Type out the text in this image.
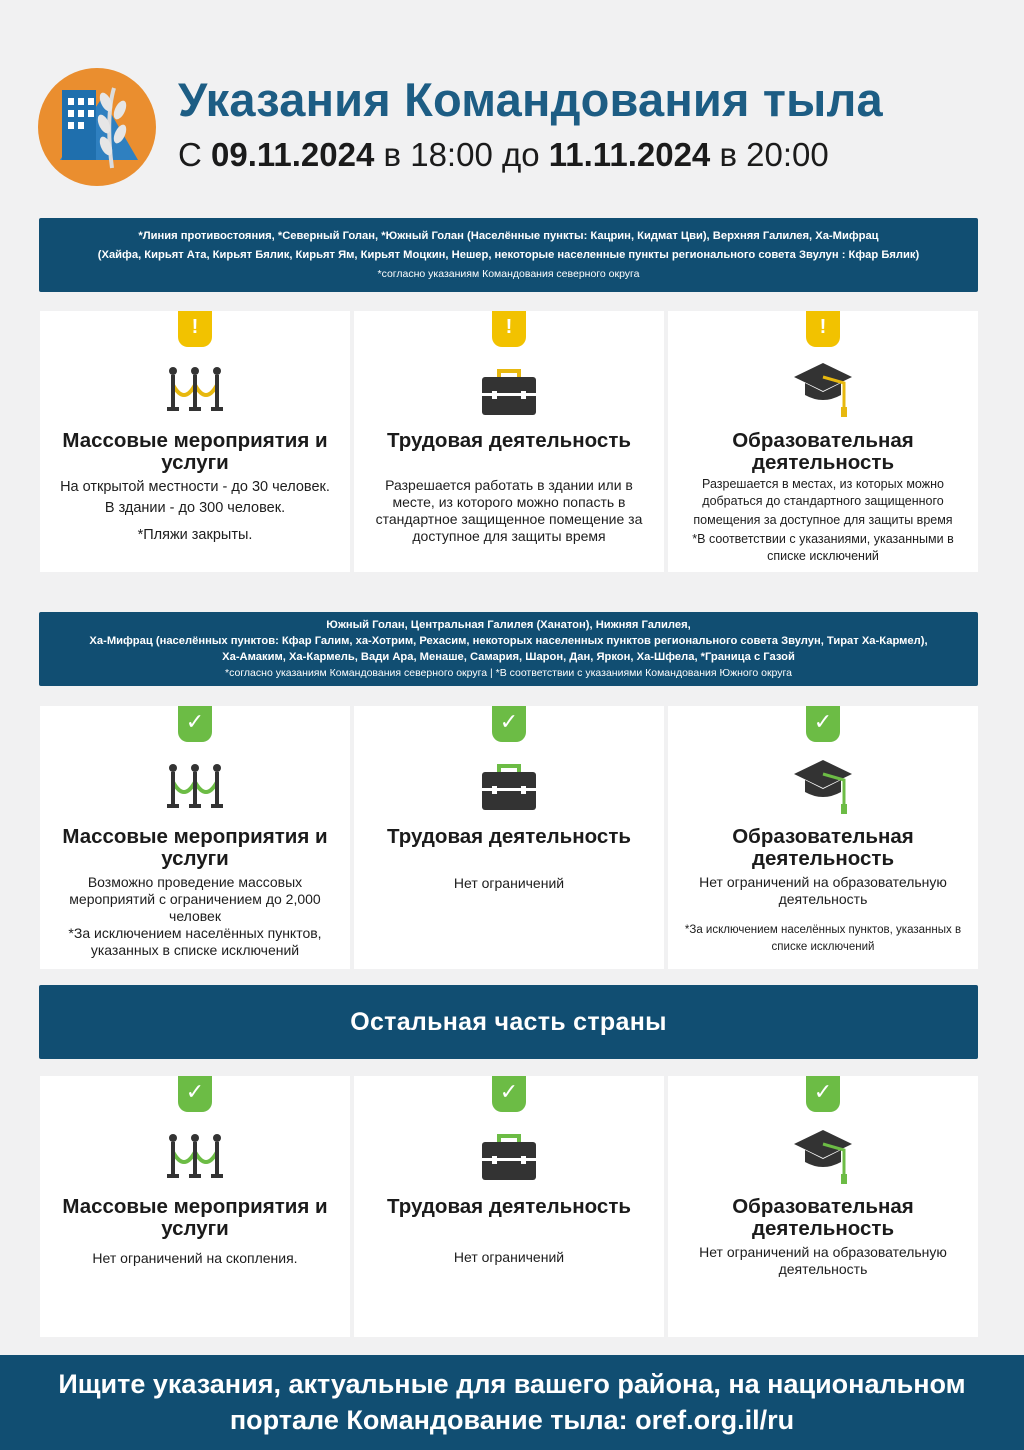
Указания Командования тыла
С 09.11.2024 в 18:00 до 11.11.2024 в 20:00
*Линия противостояния, *Северный Голан, *Южный Голан (Населённые пункты: Кацрин, Кидмат Цви), Верхняя Галилея, Ха-Мифрац
(Хайфа, Кирьят Ата, Кирьят Бялик, Кирьят Ям, Кирьят Моцкин, Нешер, некоторые населенные пункты регионального совета Звулун : Кфар Бялик)
*согласно указаниям Командования северного округа
!
Массовые мероприятия и услуги

На открытой местности - до 30 человек.

В здании - до 300 человек.

*Пляжи закрыты.

!
Трудовая деятельность

Разрешается работать в здании или в месте, из которого можно попасть в стандартное защищенное помещение за доступное для защиты время

!
Образовательная деятельность

Разрешается в местах, из которых можно добраться до стандартного защищенного

помещения за доступное для защиты время

*В соответствии с указаниями, указанными в списке исключений

Южный Голан, Центральная Галилея (Ханатон), Нижняя Галилея,
Ха-Мифрац (населённых пунктов: Кфар Галим, ха-Хотрим, Рехасим, некоторых населенных пунктов регионального совета Звулун, Тират Ха-Кармел),
Ха-Амаким, Ха-Кармель, Вади Ара, Менаше, Самария, Шарон, Дан, Яркон, Ха-Шфела, *Граница с Газой
*согласно указаниям Командования северного округа | *В соответствии с указаниями Командования Южного округа
✓
Массовые мероприятия и услуги

Возможно проведение массовых мероприятий с ограничением до 2,000 человек

*За исключением населённых пунктов, указанных в списке исключений

✓
Трудовая деятельность

Нет ограничений

✓
Образовательная деятельность

Нет ограничений на образовательную деятельность

*За исключением населённых пунктов, указанных в списке исключений

Остальная часть страны
✓
Массовые мероприятия и услуги

Нет ограничений на скопления.

✓
Трудовая деятельность

Нет ограничений

✓
Образовательная деятельность

Нет ограничений на образовательную деятельность

Ищите указания, актуальные для вашего района, на национальном
портале Командование тыла: oref.org.il/ru
